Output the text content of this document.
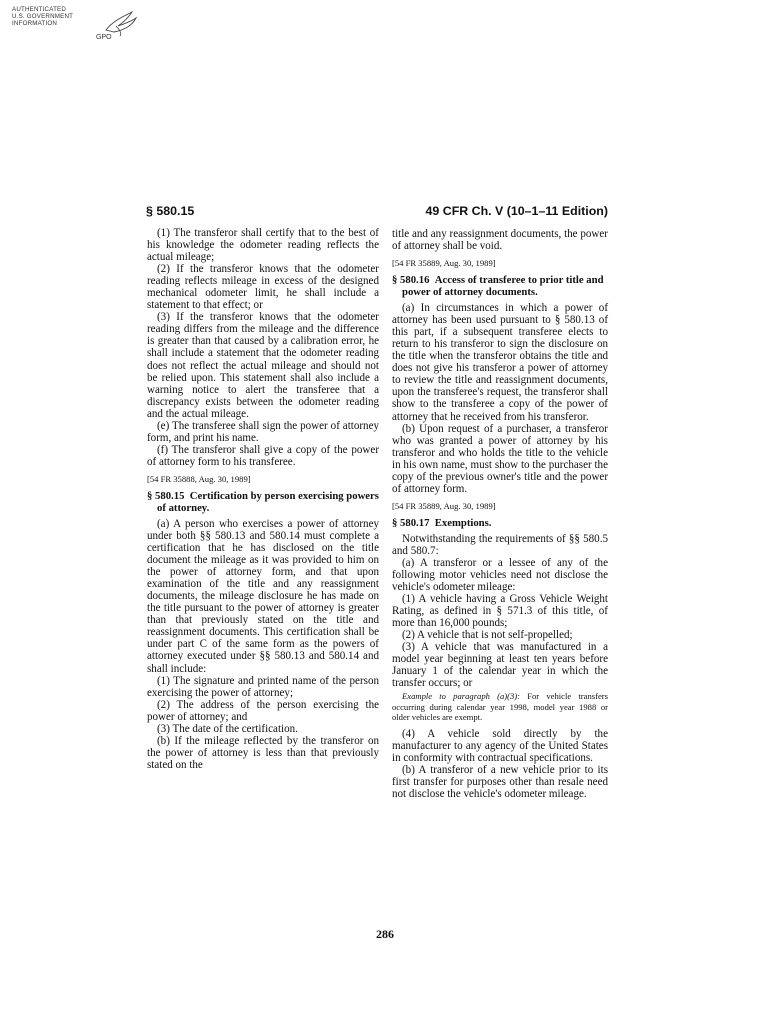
AUTHENTICATED
U.S. GOVERNMENT
INFORMATION
GPO
§ 580.15	49 CFR Ch. V (10–1–11 Edition)

(1) The transferor shall certify that to the best of his knowledge the odometer reading reflects the actual mileage;

(2) If the transferor knows that the odometer reading reflects mileage in excess of the designed mechanical odometer limit, he shall include a statement to that effect; or

(3) If the transferor knows that the odometer reading differs from the mileage and the difference is greater than that caused by a calibration error, he shall include a statement that the odometer reading does not reflect the actual mileage and should not be relied upon. This statement shall also include a warning notice to alert the transferee that a discrepancy exists between the odometer reading and the actual mileage.

(e) The transferee shall sign the power of attorney form, and print his name.

(f) The transferor shall give a copy of the power of attorney form to his transferee.

[54 FR 35888, Aug. 30, 1989]

§ 580.15 Certification by person exercising powers of attorney.

(a) A person who exercises a power of attorney under both §§ 580.13 and 580.14 must complete a certification that he has disclosed on the title document the mileage as it was provided to him on the power of attorney form, and that upon examination of the title and any reassignment documents, the mileage disclosure he has made on the title pursuant to the power of attorney is greater than that previously stated on the title and reassignment documents. This certification shall be under part C of the same form as the powers of attorney executed under §§ 580.13 and 580.14 and shall include:

(1) The signature and printed name of the person exercising the power of attorney;

(2) The address of the person exercising the power of attorney; and

(3) The date of the certification.

(b) If the mileage reflected by the transferor on the power of attorney is less than that previously stated on the

title and any reassignment documents, the power of attorney shall be void.

[54 FR 35889, Aug. 30, 1989]

§ 580.16 Access of transferee to prior title and power of attorney documents.

(a) In circumstances in which a power of attorney has been used pursuant to § 580.13 of this part, if a subsequent transferee elects to return to his transferor to sign the disclosure on the title when the transferor obtains the title and does not give his transferor a power of attorney to review the title and reassignment documents, upon the transferee's request, the transferor shall show to the transferee a copy of the power of attorney that he received from his transferor.

(b) Upon request of a purchaser, a transferor who was granted a power of attorney by his transferor and who holds the title to the vehicle in his own name, must show to the purchaser the copy of the previous owner's title and the power of attorney form.

[54 FR 35889, Aug. 30, 1989]

§ 580.17 Exemptions.

Notwithstanding the requirements of §§ 580.5 and 580.7:

(a) A transferor or a lessee of any of the following motor vehicles need not disclose the vehicle's odometer mileage:

(1) A vehicle having a Gross Vehicle Weight Rating, as defined in § 571.3 of this title, of more than 16,000 pounds;

(2) A vehicle that is not self-propelled;

(3) A vehicle that was manufactured in a model year beginning at least ten years before January 1 of the calendar year in which the transfer occurs; or

Example to paragraph (a)(3): For vehicle transfers occurring during calendar year 1998, model year 1988 or older vehicles are exempt.

(4) A vehicle sold directly by the manufacturer to any agency of the United States in conformity with contractual specifications.

(b) A transferor of a new vehicle prior to its first transfer for purposes other than resale need not disclose the vehicle's odometer mileage.

286
